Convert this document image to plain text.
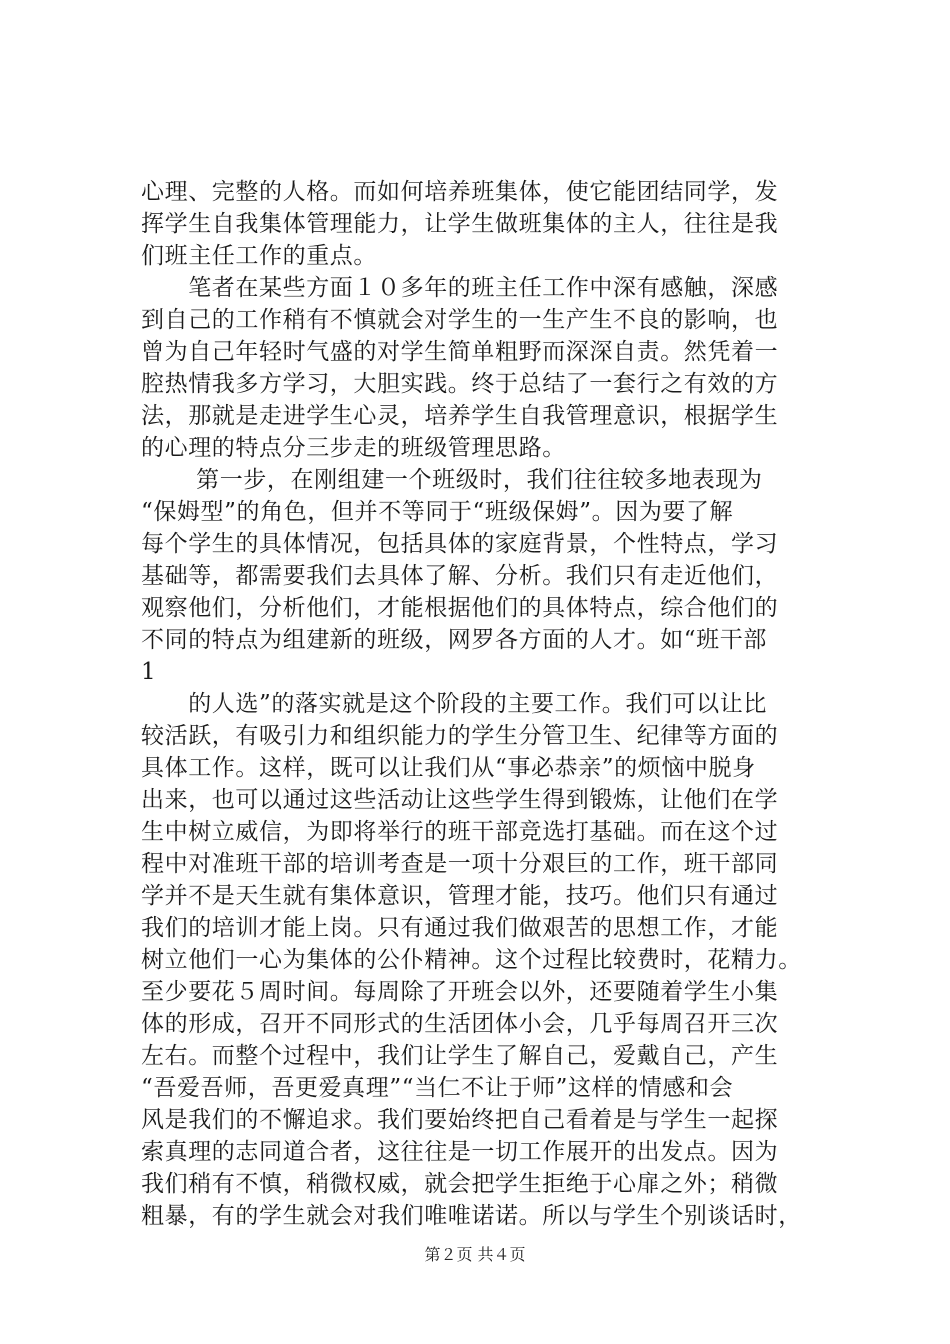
心理、完整的人格。而如何培养班集体，使它能团结同学，发
挥学生自我集体管理能力，让学生做班集体的主人，往往是我
们班主任工作的重点。
　　笔者在某些方面１０多年的班主任工作中深有感触，深感
到自己的工作稍有不慎就会对学生的一生产生不良的影响，也
曾为自己年轻时气盛的对学生简单粗野而深深自责。然凭着一
腔热情我多方学习，大胆实践。终于总结了一套行之有效的方
法，那就是走进学生心灵，培养学生自我管理意识，根据学生
的心理的特点分三步走的班级管理思路。
　　 第一步，在刚组建一个班级时，我们往往较多地表现为
“保姆型”的角色，但并不等同于“班级保姆”。因为要了解
每个学生的具体情况，包括具体的家庭背景，个性特点，学习
基础等，都需要我们去具体了解、分析。我们只有走近他们，
观察他们，分析他们，才能根据他们的具体特点，综合他们的
不同的特点为组建新的班级，网罗各方面的人才。如“班干部
1
　　的人选”的落实就是这个阶段的主要工作。我们可以让比
较活跃，有吸引力和组织能力的学生分管卫生、纪律等方面的
具体工作。这样，既可以让我们从“事必恭亲”的烦恼中脱身
出来，也可以通过这些活动让这些学生得到锻炼，让他们在学
生中树立威信，为即将举行的班干部竞选打基础。而在这个过
程中对准班干部的培训考查是一项十分艰巨的工作，班干部同
学并不是天生就有集体意识，管理才能，技巧。他们只有通过
我们的培训才能上岗。只有通过我们做艰苦的思想工作，才能
树立他们一心为集体的公仆精神。这个过程比较费时，花精力。
至少要花５周时间。每周除了开班会以外，还要随着学生小集
体的形成，召开不同形式的生活团体小会，几乎每周召开三次
左右。而整个过程中，我们让学生了解自己，爱戴自己，产生
“吾爱吾师，吾更爱真理”“当仁不让于师”这样的情感和会
风是我们的不懈追求。我们要始终把自己看着是与学生一起探
索真理的志同道合者，这往往是一切工作展开的出发点。因为
我们稍有不慎，稍微权威，就会把学生拒绝于心扉之外；稍微
粗暴，有的学生就会对我们唯唯诺诺。所以与学生个别谈话时，
第２页 共４页
